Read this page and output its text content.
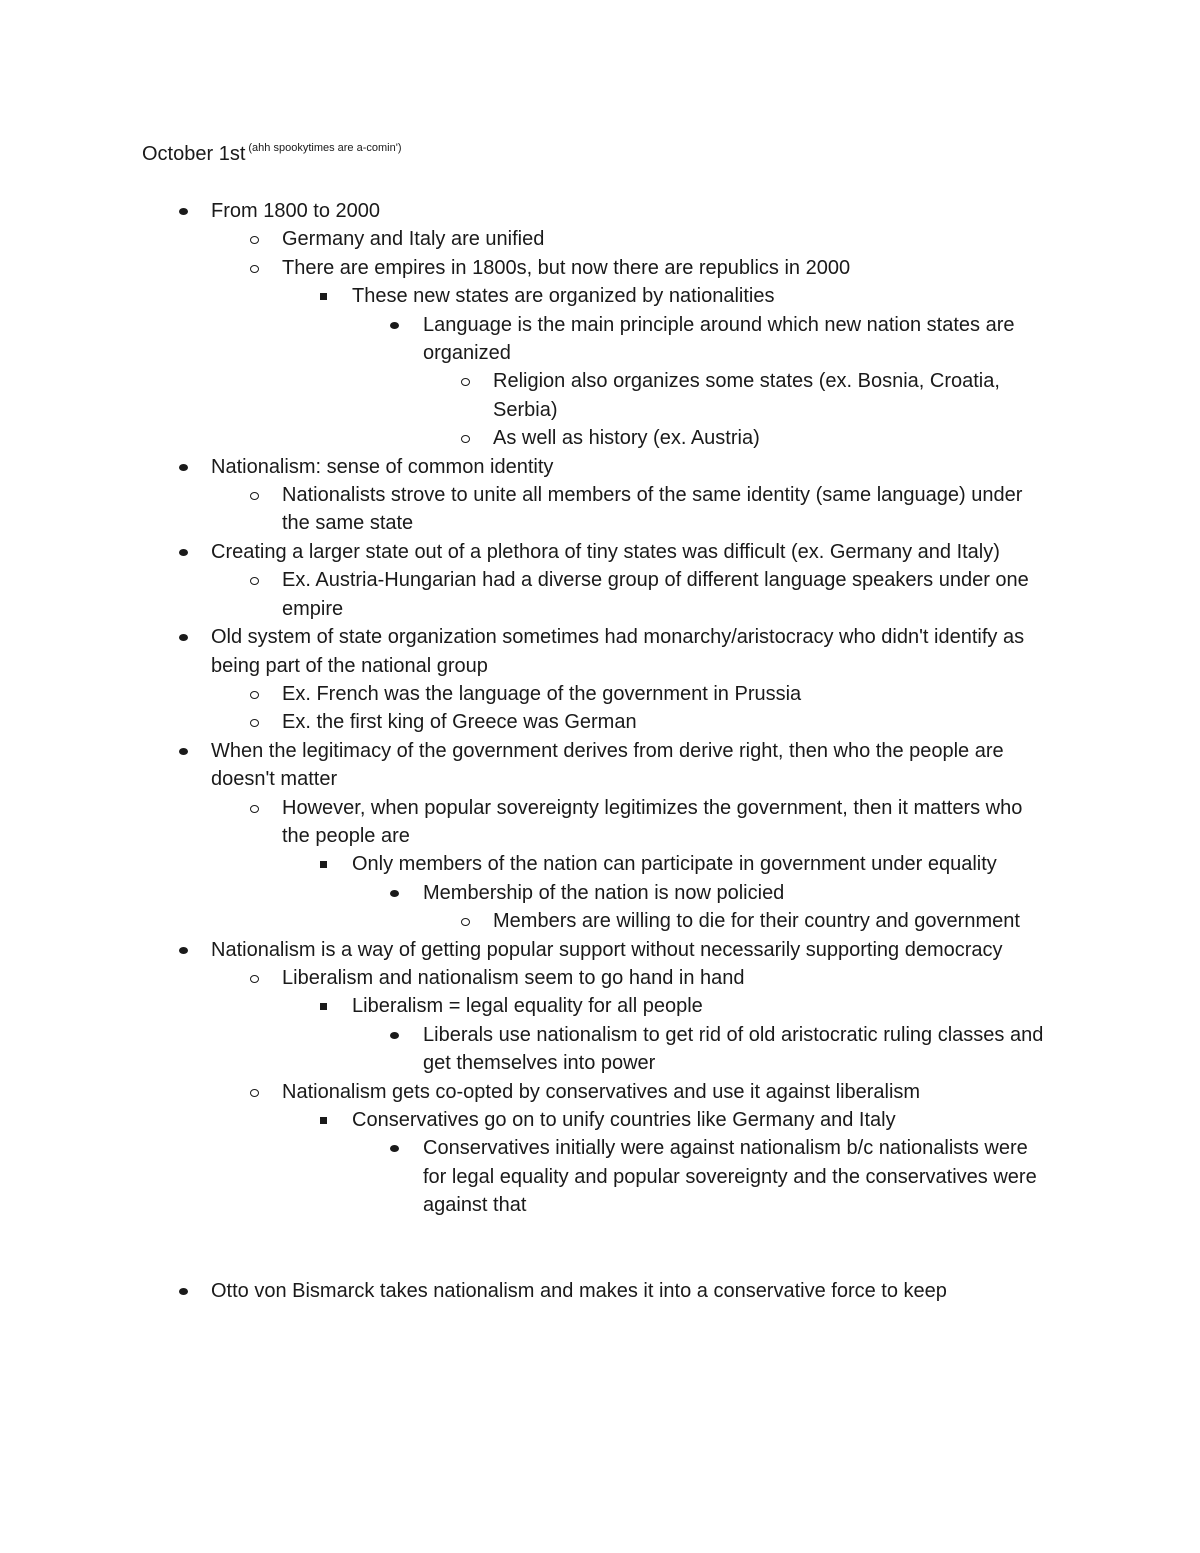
October 1st $^{(ahh spookytimes are a-comin')}$
From 1800 to 2000
Germany and Italy are unified
There are empires in 1800s, but now there are republics in 2000
These new states are organized by nationalities
Language is the main principle around which new nation states are organized
Religion also organizes some states (ex. Bosnia, Croatia, Serbia)
As well as history (ex. Austria)
Nationalism: sense of common identity
Nationalists strove to unite all members of the same identity (same language) under the same state
Creating a larger state out of a plethora of tiny states was difficult (ex. Germany and Italy)
Ex. Austria-Hungarian had a diverse group of different language speakers under one empire
Old system of state organization sometimes had monarchy/aristocracy who didn't identify as being part of the national group
Ex. French was the language of the government in Prussia
Ex. the first king of Greece was German
When the legitimacy of the government derives from derive right, then who the people are doesn't matter
However, when popular sovereignty legitimizes the government, then it matters who the people are
Only members of the nation can participate in government under equality
Membership of the nation is now policied
Members are willing to die for their country and government
Nationalism is a way of getting popular support without necessarily supporting democracy
Liberalism and nationalism seem to go hand in hand
Liberalism = legal equality for all people
Liberals use nationalism to get rid of old aristocratic ruling classes and get themselves into power
Nationalism gets co-opted by conservatives and use it against liberalism
Conservatives go on to unify countries like Germany and Italy
Conservatives initially were against nationalism b/c nationalists were for legal equality and popular sovereignty and the conservatives were against that
Otto von Bismarck takes nationalism and makes it into a conservative force to keep
